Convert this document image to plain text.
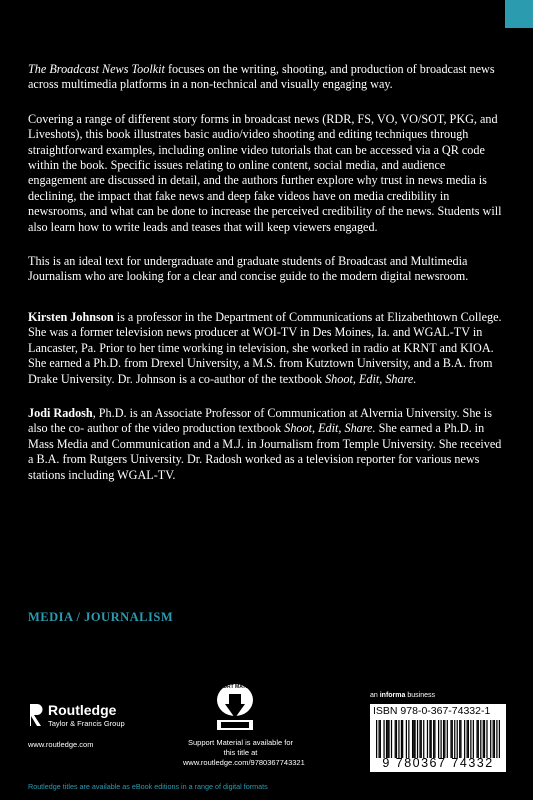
The Broadcast News Toolkit focuses on the writing, shooting, and production of broadcast news across multimedia platforms in a non-technical and visually engaging way.

Covering a range of different story forms in broadcast news (RDR, FS, VO, VO/SOT, PKG, and Liveshots), this book illustrates basic audio/video shooting and editing techniques through straightforward examples, including online video tutorials that can be accessed via a QR code within the book. Specific issues relating to online content, social media, and audience engagement are discussed in detail, and the authors further explore why trust in news media is declining, the impact that fake news and deep fake videos have on media credibility in newsrooms, and what can be done to increase the perceived credibility of the news. Students will also learn how to write leads and teases that will keep viewers engaged.

This is an ideal text for undergraduate and graduate students of Broadcast and Multimedia Journalism who are looking for a clear and concise guide to the modern digital newsroom.

Kirsten Johnson is a professor in the Department of Communications at Elizabethtown College. She was a former television news producer at WOI-TV in Des Moines, Ia. and WGAL-TV in Lancaster, Pa. Prior to her time working in television, she worked in radio at KRNT and KIOA. She earned a Ph.D. from Drexel University, a M.S. from Kutztown University, and a B.A. from Drake University. Dr. Johnson is a co-author of the textbook Shoot, Edit, Share.

Jodi Radosh, Ph.D. is an Associate Professor of Communication at Alvernia University. She is also the co- author of the video production textbook Shoot, Edit, Share. She earned a Ph.D. in Mass Media and Communication and a M.J. in Journalism from Temple University. She received a B.A. from Rutgers University. Dr. Radosh worked as a television reporter for various news stations including WGAL-TV.

MEDIA / JOURNALISM
Routledge
Taylor & Francis Group
www.routledge.com
SUPPORT MATERIAL
Support Material is available for this title at www.routledge.com/9780367743321
an informa business
ISBN 978-0-367-74332-1
9 780367 74332
Routledge titles are available as eBook editions in a range of digital formats
